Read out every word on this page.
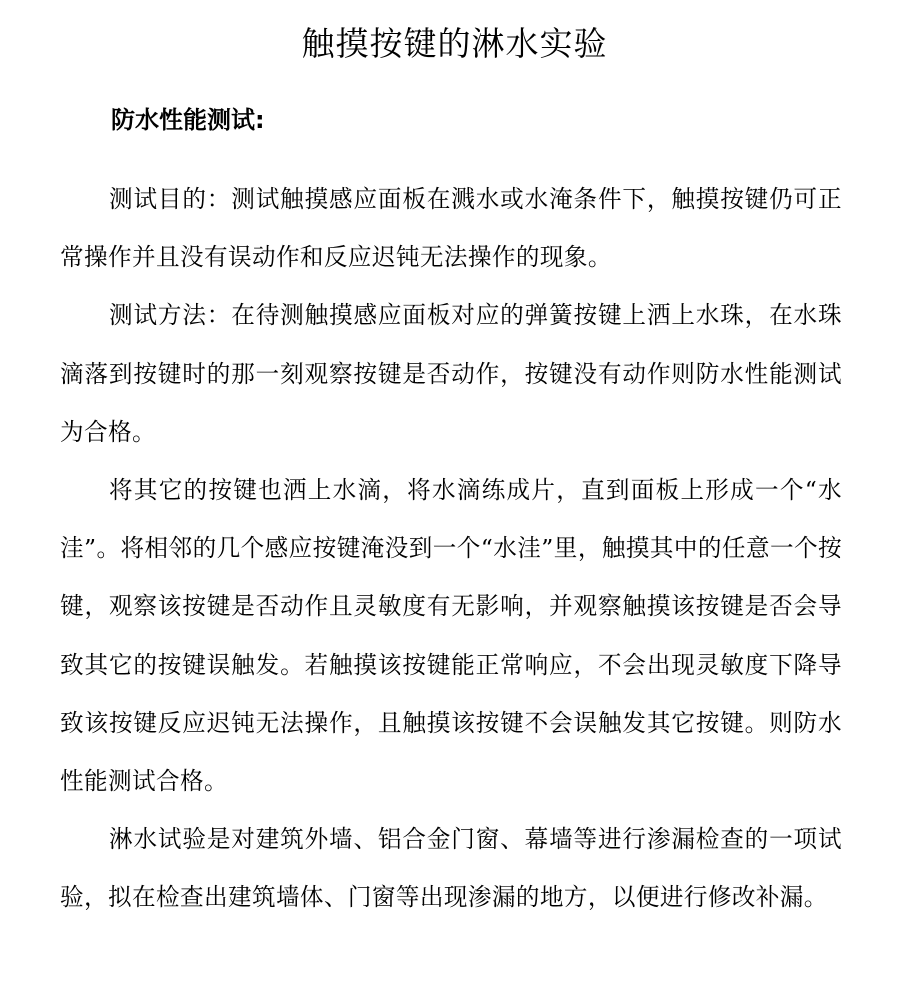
触摸按键的淋水实验
防水性能测试:

测试目的：测试触摸感应面板在溅水或水淹条件下，触摸按键仍可正常操作并且没有误动作和反应迟钝无法操作的现象。

测试方法：在待测触摸感应面板对应的弹簧按键上洒上水珠，在水珠滴落到按键时的那一刻观察按键是否动作，按键没有动作则防水性能测试为合格。

将其它的按键也洒上水滴，将水滴练成片，直到面板上形成一个“水洼”。将相邻的几个感应按键淹没到一个“水洼”里，触摸其中的任意一个按键，观察该按键是否动作且灵敏度有无影响，并观察触摸该按键是否会导致其它的按键误触发。若触摸该按键能正常响应，不会出现灵敏度下降导致该按键反应迟钝无法操作，且触摸该按键不会误触发其它按键。则防水性能测试合格。

淋水试验是对建筑外墙、铝合金门窗、幕墙等进行渗漏检查的一项试验，拟在检查出建筑墙体、门窗等出现渗漏的地方，以便进行修改补漏。
